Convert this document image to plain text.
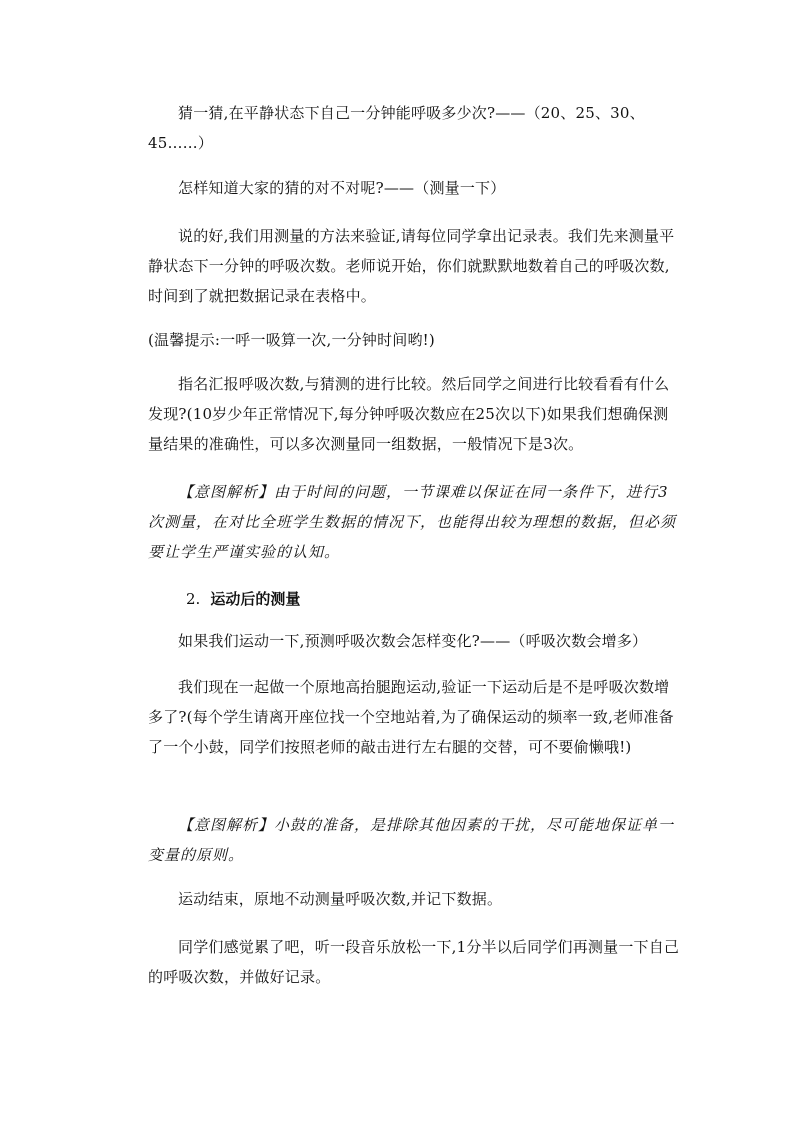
猜一猜,在平静状态下自己一分钟能呼吸多少次?——（20、25、30、45……）

怎样知道大家的猜的对不对呢?——（测量一下）

说的好,我们用测量的方法来验证,请每位同学拿出记录表。我们先来测量平静状态下一分钟的呼吸次数。老师说开始，你们就默默地数着自己的呼吸次数,时间到了就把数据记录在表格中。

(温馨提示:一呼一吸算一次,一分钟时间哟!)

指名汇报呼吸次数,与猜测的进行比较。然后同学之间进行比较看看有什么发现?(10岁少年正常情况下,每分钟呼吸次数应在25次以下)如果我们想确保测量结果的准确性，可以多次测量同一组数据，一般情况下是3次。

【意图解析】由于时间的问题，一节课难以保证在同一条件下，进行3次测量，在对比全班学生数据的情况下，也能得出较为理想的数据，但必须要让学生严谨实验的认知。

2. 运动后的测量

如果我们运动一下,预测呼吸次数会怎样变化?——（呼吸次数会增多）

我们现在一起做一个原地高抬腿跑运动,验证一下运动后是不是呼吸次数增多了?(每个学生请离开座位找一个空地站着,为了确保运动的频率一致,老师准备了一个小鼓，同学们按照老师的敲击进行左右腿的交替，可不要偷懒哦!)

【意图解析】小鼓的准备，是排除其他因素的干扰，尽可能地保证单一变量的原则。

运动结束，原地不动测量呼吸次数,并记下数据。

同学们感觉累了吧，听一段音乐放松一下,1分半以后同学们再测量一下自己的呼吸次数，并做好记录。
